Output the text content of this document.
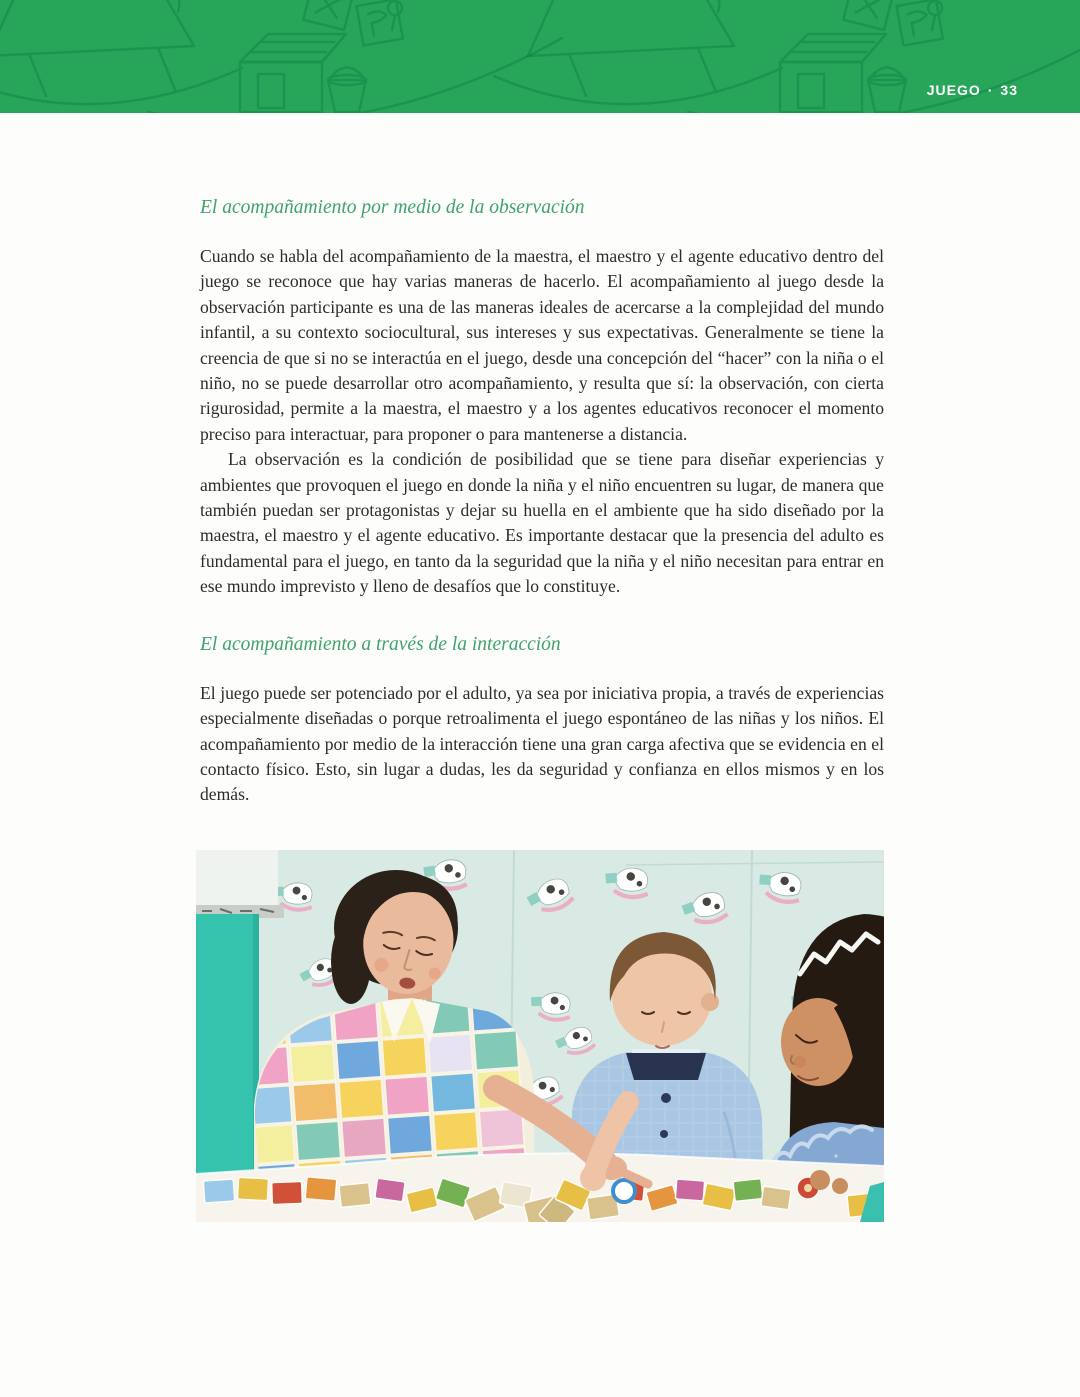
JUEGO · 33
El acompañamiento por medio de la observación

Cuando se habla del acompañamiento de la maestra, el maestro y el agente educativo dentro del juego se reconoce que hay varias maneras de hacerlo. El acompañamiento al juego desde la observación participante es una de las maneras ideales de acercarse a la complejidad del mundo infantil, a su contexto sociocultural, sus intereses y sus expectativas. Generalmente se tiene la creencia de que si no se interactúa en el juego, desde una concepción del “hacer” con la niña o el niño, no se puede desarrollar otro acompañamiento, y resulta que sí: la observación, con cierta rigurosidad, permite a la maestra, el maestro y a los agentes educativos reconocer el momento preciso para interactuar, para proponer o para mantenerse a distancia.

La observación es la condición de posibilidad que se tiene para diseñar experiencias y ambientes que provoquen el juego en donde la niña y el niño encuentren su lugar, de manera que también puedan ser protagonistas y dejar su huella en el ambiente que ha sido diseñado por la maestra, el maestro y el agente educativo. Es importante destacar que la presencia del adulto es fundamental para el juego, en tanto da la seguridad que la niña y el niño necesitan para entrar en ese mundo imprevisto y lleno de desafíos que lo constituye.

El acompañamiento a través de la interacción

El juego puede ser potenciado por el adulto, ya sea por iniciativa propia, a través de experiencias especialmente diseñadas o porque retroalimenta el juego espontáneo de las niñas y los niños. El acompañamiento por medio de la interacción tiene una gran carga afectiva que se evidencia en el contacto físico. Esto, sin lugar a dudas, les da seguridad y confianza en ellos mismos y en los demás.
